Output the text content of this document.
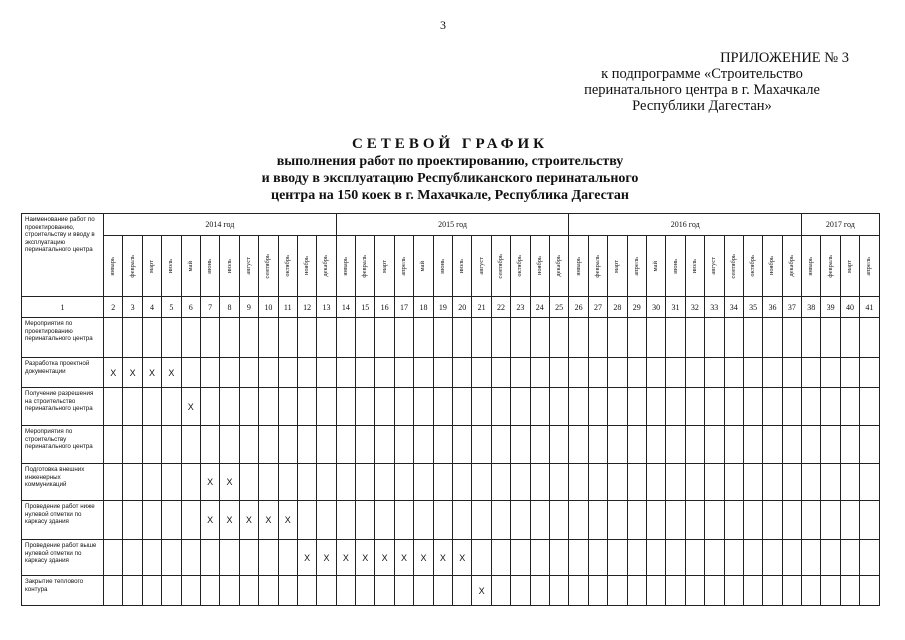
3
ПРИЛОЖЕНИЕ № 3
к подпрограмме «Строительство
перинатального центра в г. Махачкале
Республики Дагестан»
СЕТЕВОЙ ГРАФИК
выполнения работ по проектированию, строительству
и вводу в эксплуатацию Республиканского перинатального
центра на 150 коек в г. Махачкале, Республика Дагестан
Наименование работ по проектированию, строительству и вводу в эксплуатацию перинатального центра	2014 год												2015 год												2016 год												2017 год			

	январь	февраль	март	июль	май	июнь	июль	август	сентябрь	октябрь	ноябрь	декабрь	январь	февраль	март	апрель	май	июнь	июль	август	сентябрь	октябрь	ноябрь	декабрь	январь	февраль	март	апрель	май	июнь	июль	август	сентябрь	октябрь	ноябрь	декабрь	январь	февраль	март	апрель

1	2	3	4	5	6	7	8	9	10	11	12	13	14	15	16	17	18	19	20	21	22	23	24	25	26	27	28	29	30	31	32	33	34	35	36	37	38	39	40	41
Мероприятия по проектированию перинатального центра																																								
Разработка проектной документации	X	X	X	X																																				
Получение разрешения на строительство перинатального центра					X																																			
Мероприятия по строительству перинатального центра																																								
Подготовка внешних инженерных коммуникаций						X	X																																	
Проведение работ ниже нулевой отметки по каркасу здания						X	X	X	X	X																														
Проведение работ выше нулевой отметки по каркасу здания											X	X	X	X	X	X	X	X	X																					
Закрытие теплового контура																				X																				
